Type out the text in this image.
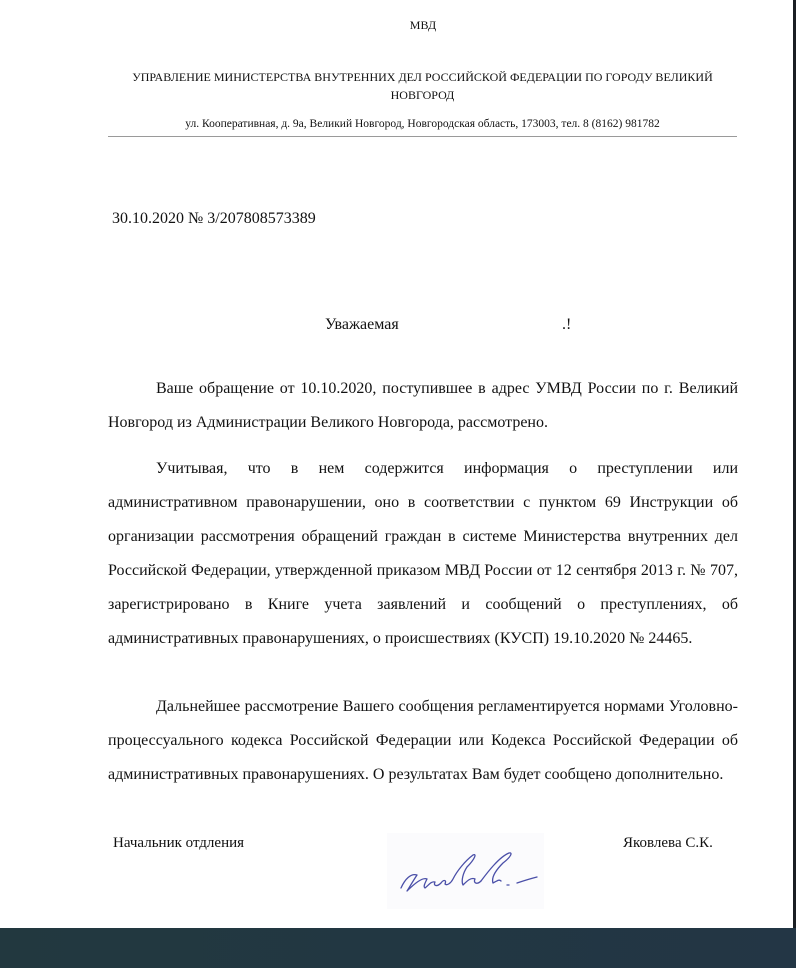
МВД
УПРАВЛЕНИЕ МИНИСТЕРСТВА ВНУТРЕННИХ ДЕЛ РОССИЙСКОЙ ФЕДЕРАЦИИ ПО ГОРОДУ ВЕЛИКИЙ НОВГОРОД
ул. Кооперативная, д. 9а, Великий Новгород, Новгородская область, 173003, тел. 8 (8162) 981782
30.10.2020 № 3/207808573389
Уважаемая	.!
Ваше обращение от 10.10.2020, поступившее в адрес УМВД России по г. Великий Новгород из Администрации Великого Новгорода, рассмотрено.
Учитывая, что в нем содержится информация о преступлении или административном правонарушении, оно в соответствии с пунктом 69 Инструкции об организации рассмотрения обращений граждан в системе Министерства внутренних дел Российской Федерации, утвержденной приказом МВД России от 12 сентября 2013 г. № 707, зарегистрировано в Книге учета заявлений и сообщений о преступлениях, об административных правонарушениях, о происшествиях (КУСП) 19.10.2020 № 24465.
Дальнейшее рассмотрение Вашего сообщения регламентируется нормами Уголовно-процессуального кодекса Российской Федерации или Кодекса Российской Федерации об административных правонарушениях. О результатах Вам будет сообщено дополнительно.
Начальник отдления	Яковлева С.К.
